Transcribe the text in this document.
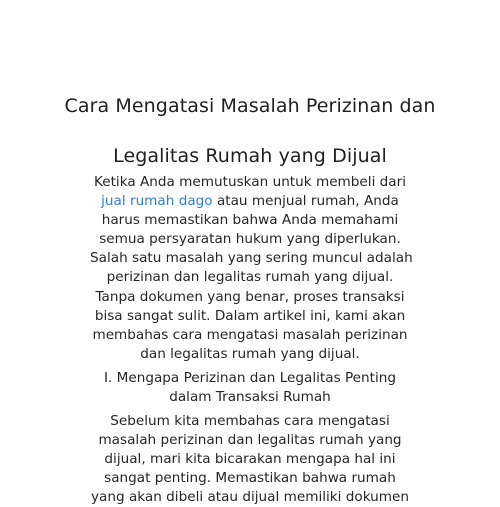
Cara Mengatasi Masalah Perizinan dan
Legalitas Rumah yang Dijual
Ketika Anda memutuskan untuk membeli dari
jual rumah dago atau menjual rumah, Anda
harus memastikan bahwa Anda memahami
semua persyaratan hukum yang diperlukan.
Salah satu masalah yang sering muncul adalah
perizinan dan legalitas rumah yang dijual.
Tanpa dokumen yang benar, proses transaksi
bisa sangat sulit. Dalam artikel ini, kami akan
membahas cara mengatasi masalah perizinan
dan legalitas rumah yang dijual.
I. Mengapa Perizinan dan Legalitas Penting
dalam Transaksi Rumah
Sebelum kita membahas cara mengatasi
masalah perizinan dan legalitas rumah yang
dijual, mari kita bicarakan mengapa hal ini
sangat penting. Memastikan bahwa rumah
yang akan dibeli atau dijual memiliki dokumen
